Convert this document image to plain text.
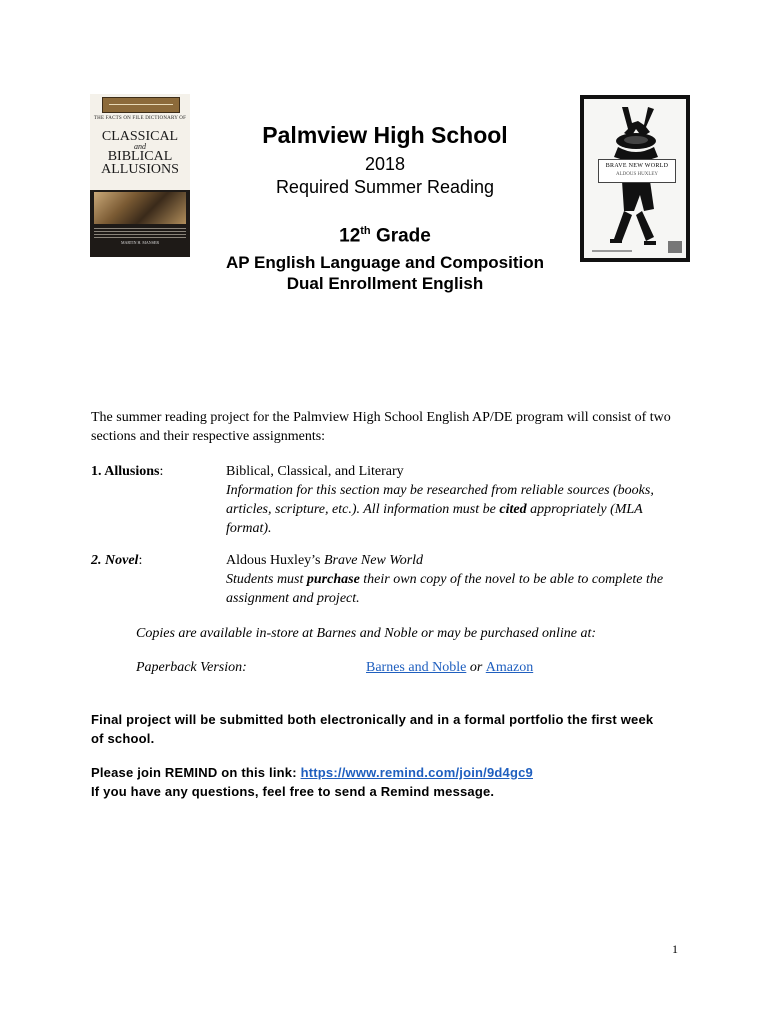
THE FACTS ON FILE DICTIONARY OF
CLASSICAL
and
BIBLICAL
ALLUSIONS
MARTIN H. MANSER
BRAVE NEW WORLD
ALDOUS HUXLEY
Palmview High School
2018
Required Summer Reading
12th Grade
AP English Language and Composition
Dual Enrollment English
The summer reading project for the Palmview High School English AP/DE program will consist of two sections and their respective assignments:
1. Allusions:	Biblical, Classical, and Literary
Information for this section may be researched from reliable sources (books, articles, scripture, etc.). All information must be cited appropriately (MLA format).
2. Novel:	Aldous Huxley’s Brave New World
Students must purchase their own copy of the novel to be able to complete the assignment and project.
Copies are available in-store at Barnes and Noble or may be purchased online at:
Paperback Version:	Barnes and Noble or Amazon
Final project will be submitted both electronically and in a formal portfolio the first week of school.
Please join REMIND on this link: https://www.remind.com/join/9d4gc9
If you have any questions, feel free to send a Remind message.
1
